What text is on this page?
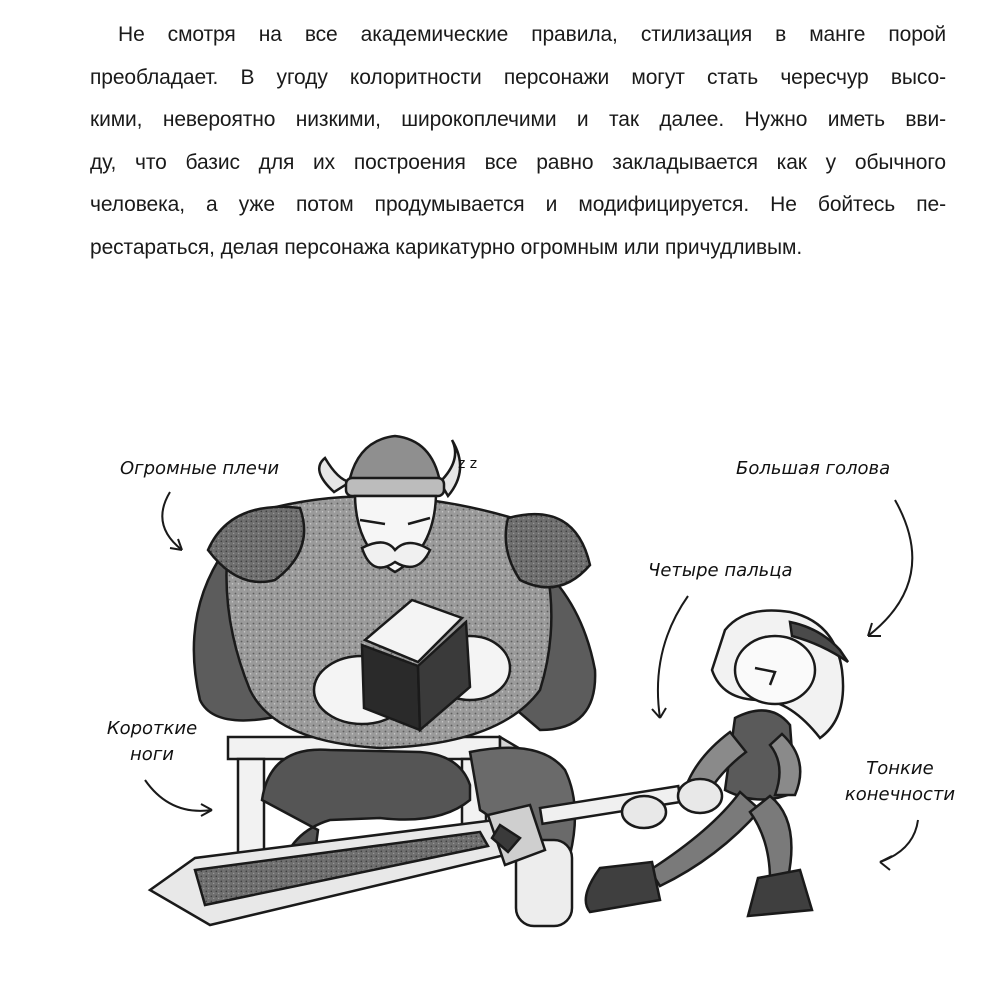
Не смотря на все академические правила, стилизация в манге порой
преобладает. В угоду колоритности персонажи могут стать чересчур высо-
кими, невероятно низкими, широкоплечими и так далее. Нужно иметь вви-
ду, что базис для их построения все равно закладывается как у обычного
человека, а уже потом продумывается и модифицируется. Не бойтесь пе-
рестараться, делая персонажа карикатурно огромным или причудливым.
z z
Огромные плечи	Большая голова
Четыре пальца
Короткие
ноги
Тонкие
конечности
